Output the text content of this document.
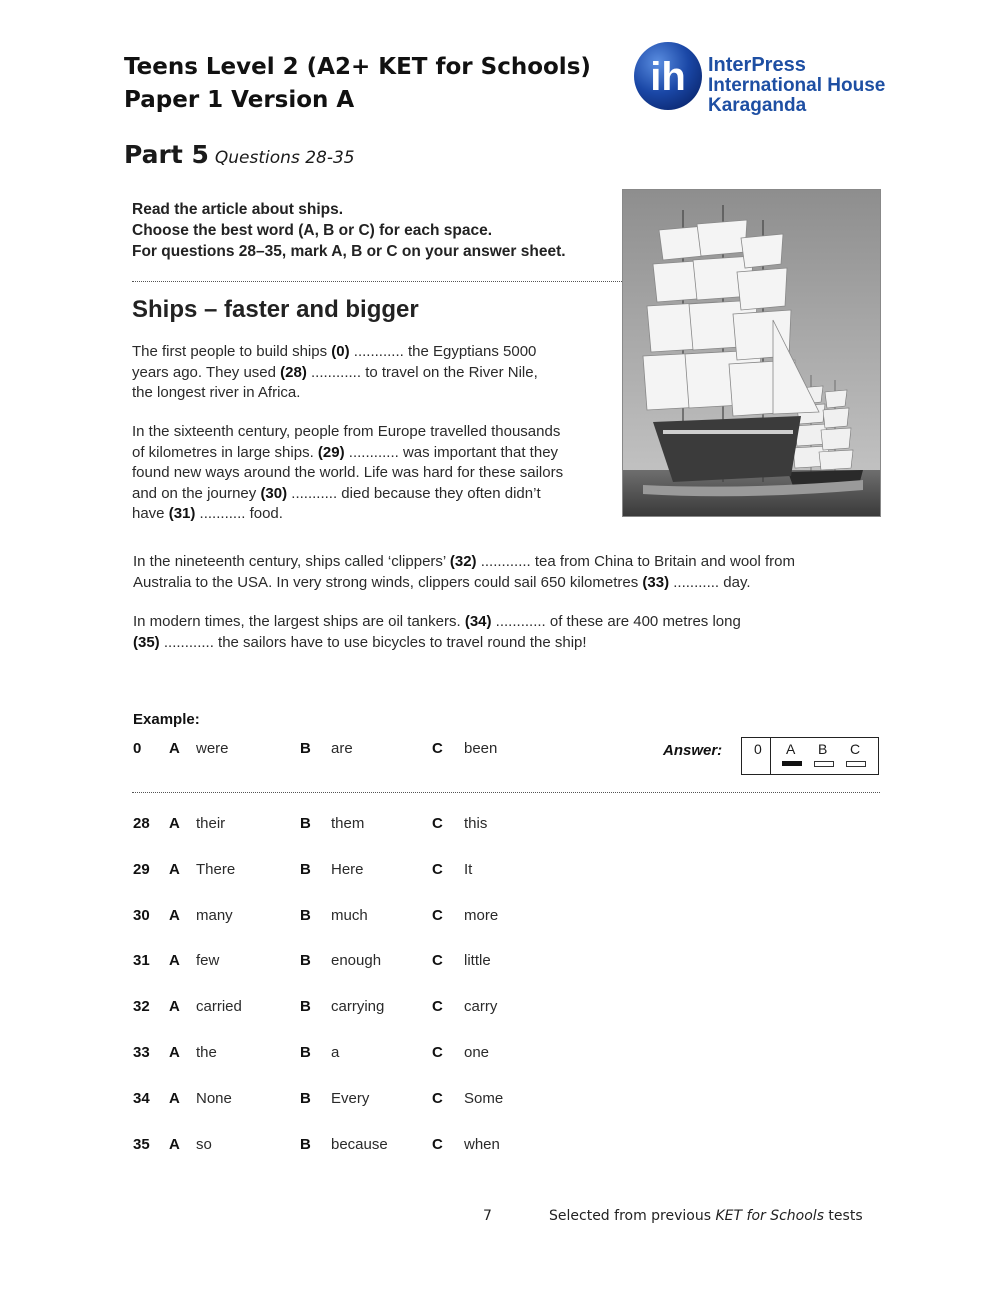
Teens Level 2 (A2+ KET for Schools)
Paper 1 Version A
ih InterPress
International House
Karaganda
Part 5 Questions 28-35
Read the article about ships.
Choose the best word (A, B or C) for each space.
For questions 28–35, mark A, B or C on your answer sheet.
Ships – faster and bigger
The first people to build ships (0) ............ the Egyptians 5000
years ago. They used (28) ............ to travel on the River Nile,
the longest river in Africa.
In the sixteenth century, people from Europe travelled thousands
of kilometres in large ships. (29) ............ was important that they
found new ways around the world. Life was hard for these sailors
and on the journey (30) ........... died because they often didn’t
have (31) ........... food.
In the nineteenth century, ships called ‘clippers’ (32) ............ tea from China to Britain and wool from
Australia to the USA. In very strong winds, clippers could sail 650 kilometres (33) ........... day.
In modern times, the largest ships are oil tankers. (34) ............ of these are 400 metres long
(35) ............ the sailors have to use bicycles to travel round the ship!
Example:
0 A were	B are	C been	Answer: 0 A B C
28 A their	B them	C this
29 A There	B Here	C It
30 A many	B much	C more
31 A few	B enough	C little
32 A carried	B carrying	C carry
33 A the	B a	C one
34 A None	B Every	C Some
35 A so	B because	C when
7	Selected from previous KET for Schools tests
